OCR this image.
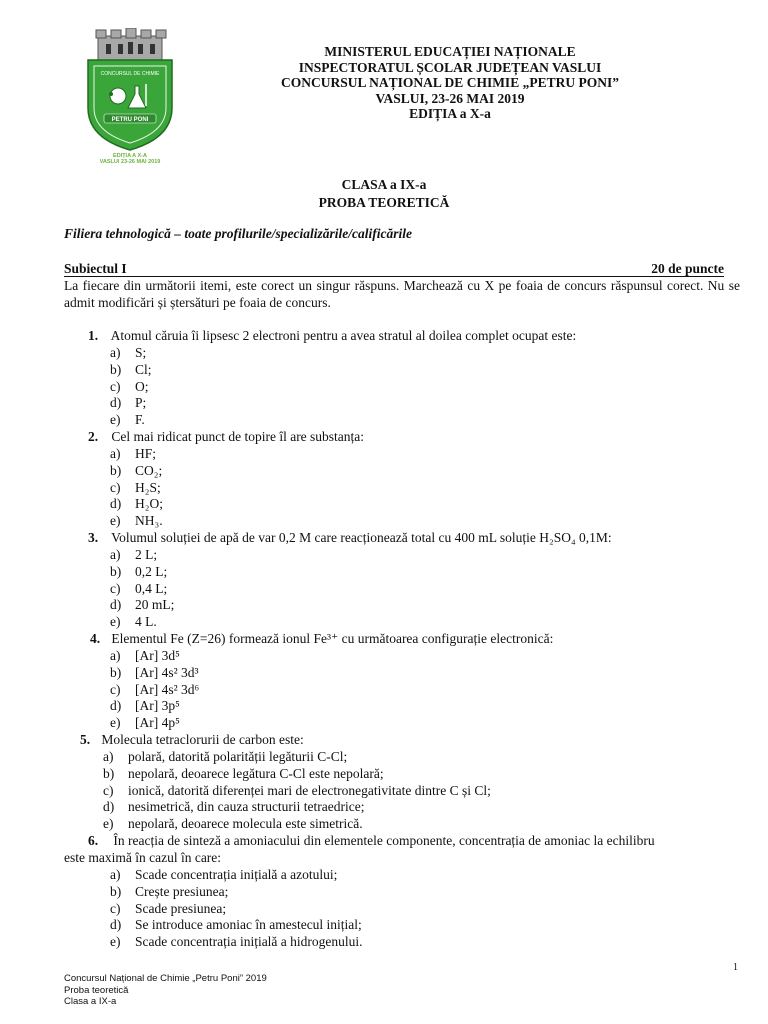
CONCURSUL DE CHIMIE
PETRU PONI
EDIȚIA A X-A
VASLUI 23-26 MAI 2019
MINISTERUL EDUCAȚIEI NAȚIONALE
INSPECTORATUL ȘCOLAR JUDEȚEAN VASLUI
CONCURSUL NAȚIONAL DE CHIMIE „PETRU PONI”
VASLUI, 23-26 MAI 2019
EDIȚIA a X-a
CLASA a IX-a
PROBA TEORETICĂ
Filiera tehnologică – toate profilurile/specializările/calificările
Subiectul I	20 de puncte
La fiecare din următorii itemi, este corect un singur răspuns. Marchează cu X pe foaia de concurs răspunsul corect. Nu se admit modificări și ștersături pe foaia de concurs.
1. Atomul căruia îi lipsesc 2 electroni pentru a avea stratul al doilea complet ocupat este:
a) S;
b) Cl;
c) O;
d) P;
e) F.
2. Cel mai ridicat punct de topire îl are substanța:
a) HF;
b) CO₂;
c) H₂S;
d) H₂O;
e) NH₃.
3. Volumul soluției de apă de var 0,2 M care reacționează total cu 400 mL soluție H₂SO₄ 0,1M:
a) 2 L;
b) 0,2 L;
c) 0,4 L;
d) 20 mL;
e) 4 L.
4. Elementul Fe (Z=26) formează ionul Fe³⁺ cu următoarea configurație electronică:
a) [Ar] 3d⁵
b) [Ar] 4s² 3d³
c) [Ar] 4s² 3d⁶
d) [Ar] 3p⁵
e) [Ar] 4p⁵
5. Molecula tetraclorurii de carbon este:
a) polară, datorită polarității legăturii C-Cl;
b) nepolară, deoarece legătura C-Cl este nepolară;
c) ionică, datorită diferenței mari de electronegativitate dintre C și Cl;
d) nesimetrică, din cauza structurii tetraedrice;
e) nepolară, deoarece molecula este simetrică.
6. În reacția de sinteză a amoniacului din elementele componente, concentrația de amoniac la echilibru
este maximă în cazul în care:
a) Scade concentrația inițială a azotului;
b) Crește presiunea;
c) Scade presiunea;
d) Se introduce amoniac în amestecul inițial;
e) Scade concentrația inițială a hidrogenului.
1
Concursul Național de Chimie „Petru Poni” 2019
Proba teoretică
Clasa a IX-a
